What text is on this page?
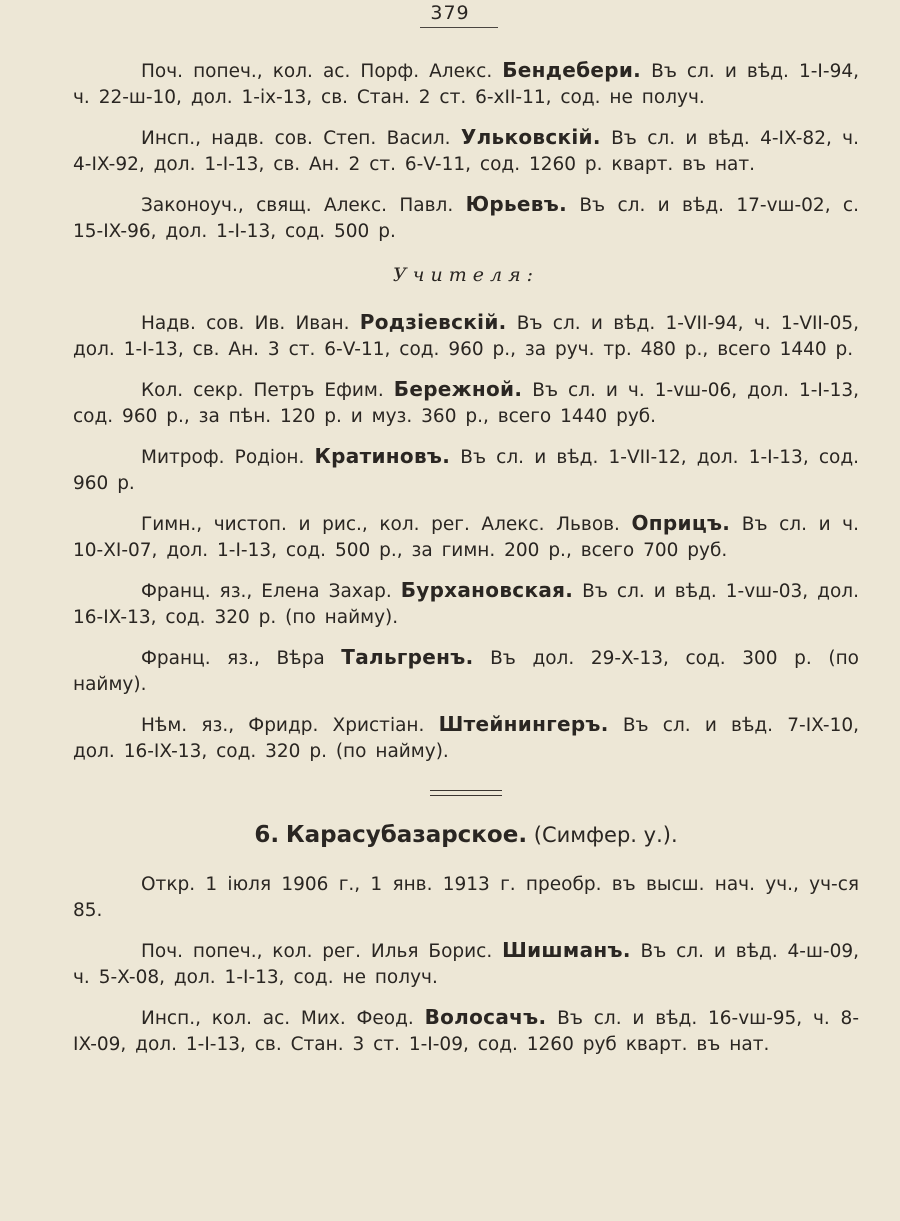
379

Поч. попеч., кол. ас. Порф. Алекс. Бендебери. Въ сл. и вѣд. 1-I-94, ч. 22-ш-10, дол. 1-ix-13, св. Стан. 2 ст. 6-xII-11, сод. не получ.

Инсп., надв. сов. Степ. Васил. Ульковскій. Въ сл. и вѣд. 4-IX-82, ч. 4-IX-92, дол. 1-I-13, св. Ан. 2 ст. 6-V-11, сод. 1260 р. кварт. въ нат.

Законоуч., свящ. Алекс. Павл. Юрьевъ. Въ сл. и вѣд. 17-vш-02, с. 15-IX-96, дол. 1-I-13, сод. 500 р.

Учителя:

Надв. сов. Ив. Иван. Родзіевскій. Въ сл. и вѣд. 1-VII-94, ч. 1-VII-05, дол. 1-I-13, св. Ан. 3 ст. 6-V-11, сод. 960 р., за руч. тр. 480 р., всего 1440 р.

Кол. секр. Петръ Ефим. Бережной. Въ сл. и ч. 1-vш-06, дол. 1-I-13, сод. 960 р., за пѣн. 120 р. и муз. 360 р., всего 1440 руб.

Митроф. Родіон. Кратиновъ. Въ сл. и вѣд. 1-VII-12, дол. 1-I-13, сод. 960 р.

Гимн., чистоп. и рис., кол. рег. Алекс. Львов. Оприцъ. Въ сл. и ч. 10-XI-07, дол. 1-I-13, сод. 500 р., за гимн. 200 р., всего 700 руб.

Франц. яз., Елена Захар. Бурхановская. Въ сл. и вѣд. 1-vш-03, дол. 16-IX-13, сод. 320 р. (по найму).

Франц. яз., Вѣра Тальгренъ. Въ дол. 29-X-13, сод. 300 р. (по найму).

Нѣм. яз., Фридр. Христіан. Штейнингеръ. Въ сл. и вѣд. 7-IX-10, дол. 16-IX-13, сод. 320 р. (по найму).

6. Карасубазарское. (Симфер. у.).

Откр. 1 іюля 1906 г., 1 янв. 1913 г. преобр. въ высш. нач. уч., уч-ся 85.

Поч. попеч., кол. рег. Илья Борис. Шишманъ. Въ сл. и вѣд. 4-ш-09, ч. 5-X-08, дол. 1-I-13, сод. не получ.

Инсп., кол. ас. Мих. Феод. Волосачъ. Въ сл. и вѣд. 16-vш-95, ч. 8-IX-09, дол. 1-I-13, св. Стан. 3 ст. 1-I-09, сод. 1260 руб кварт. въ нат.
